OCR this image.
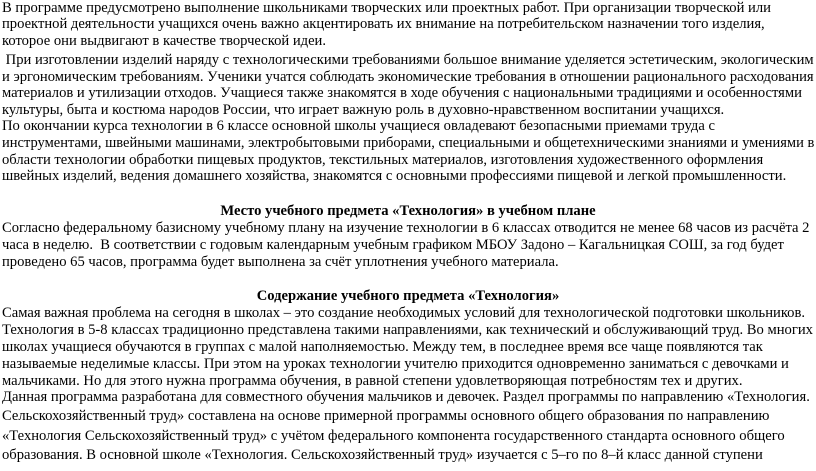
В программе предусмотрено выполнение школьниками творческих или проектных работ. При организации творческой или
проектной деятельности учащихся очень важно акцентировать их внимание на потребительском назначении того изделия,
которое они выдвигают в качестве творческой идеи.
При изготовлении изделий наряду с технологическими требованиями большое внимание уделяется эстетическим, экологическим
и эргономическим требованиям. Ученики учатся соблюдать экономические требования в отношении рационального расходования
материалов и утилизации отходов. Учащиеся также знакомятся в ходе обучения с национальными традициями и особенностями
культуры, быта и костюма народов России, что играет важную роль в духовно-нравственном воспитании учащихся.
По окончании курса технологии в 6 классе основной школы учащиеся овладевают безопасными приемами труда с
инструментами, швейными машинами, электробытовыми приборами, специальными и общетехническими знаниями и умениями в
области технологии обработки пищевых продуктов, текстильных материалов, изготовления художественного оформления
швейных изделий, ведения домашнего хозяйства, знакомятся с основными профессиями пищевой и легкой промышленности.
Место учебного предмета «Технология» в учебном плане
Согласно федеральному базисному учебному плану на изучение технологии в 6 классах отводится не менее 68 часов из расчёта 2
часа в неделю.  В соответствии с годовым календарным учебным графиком МБОУ Задоно – Кагальницкая СОШ, за год будет
проведено 65 часов, программа будет выполнена за счёт уплотнения учебного материала.
Содержание учебного предмета «Технология»
Самая важная проблема на сегодня в школах – это создание необходимых условий для технологической подготовки школьников.
Технология в 5-8 классах традиционно представлена такими направлениями, как технический и обслуживающий труд. Во многих
школах учащиеся обучаются в группах с малой наполняемостью. Между тем, в последнее время все чаще появляются так
называемые неделимые классы. При этом на уроках технологии учителю приходится одновременно заниматься с девочками и
мальчиками. Но для этого нужна программа обучения, в равной степени удовлетворяющая потребностям тех и других.
Данная программа разработана для совместного обучения мальчиков и девочек. Раздел программы по направлению «Технология.
Сельскохозяйственный труд» составлена на основе примерной программы основного общего образования по направлению
«Технология Сельскохозяйственный труд» с учётом федерального компонента государственного стандарта основного общего
образования. В основной школе «Технология. Сельскохозяйственный труд» изучается с 5–го по 8–й класс данной ступени
